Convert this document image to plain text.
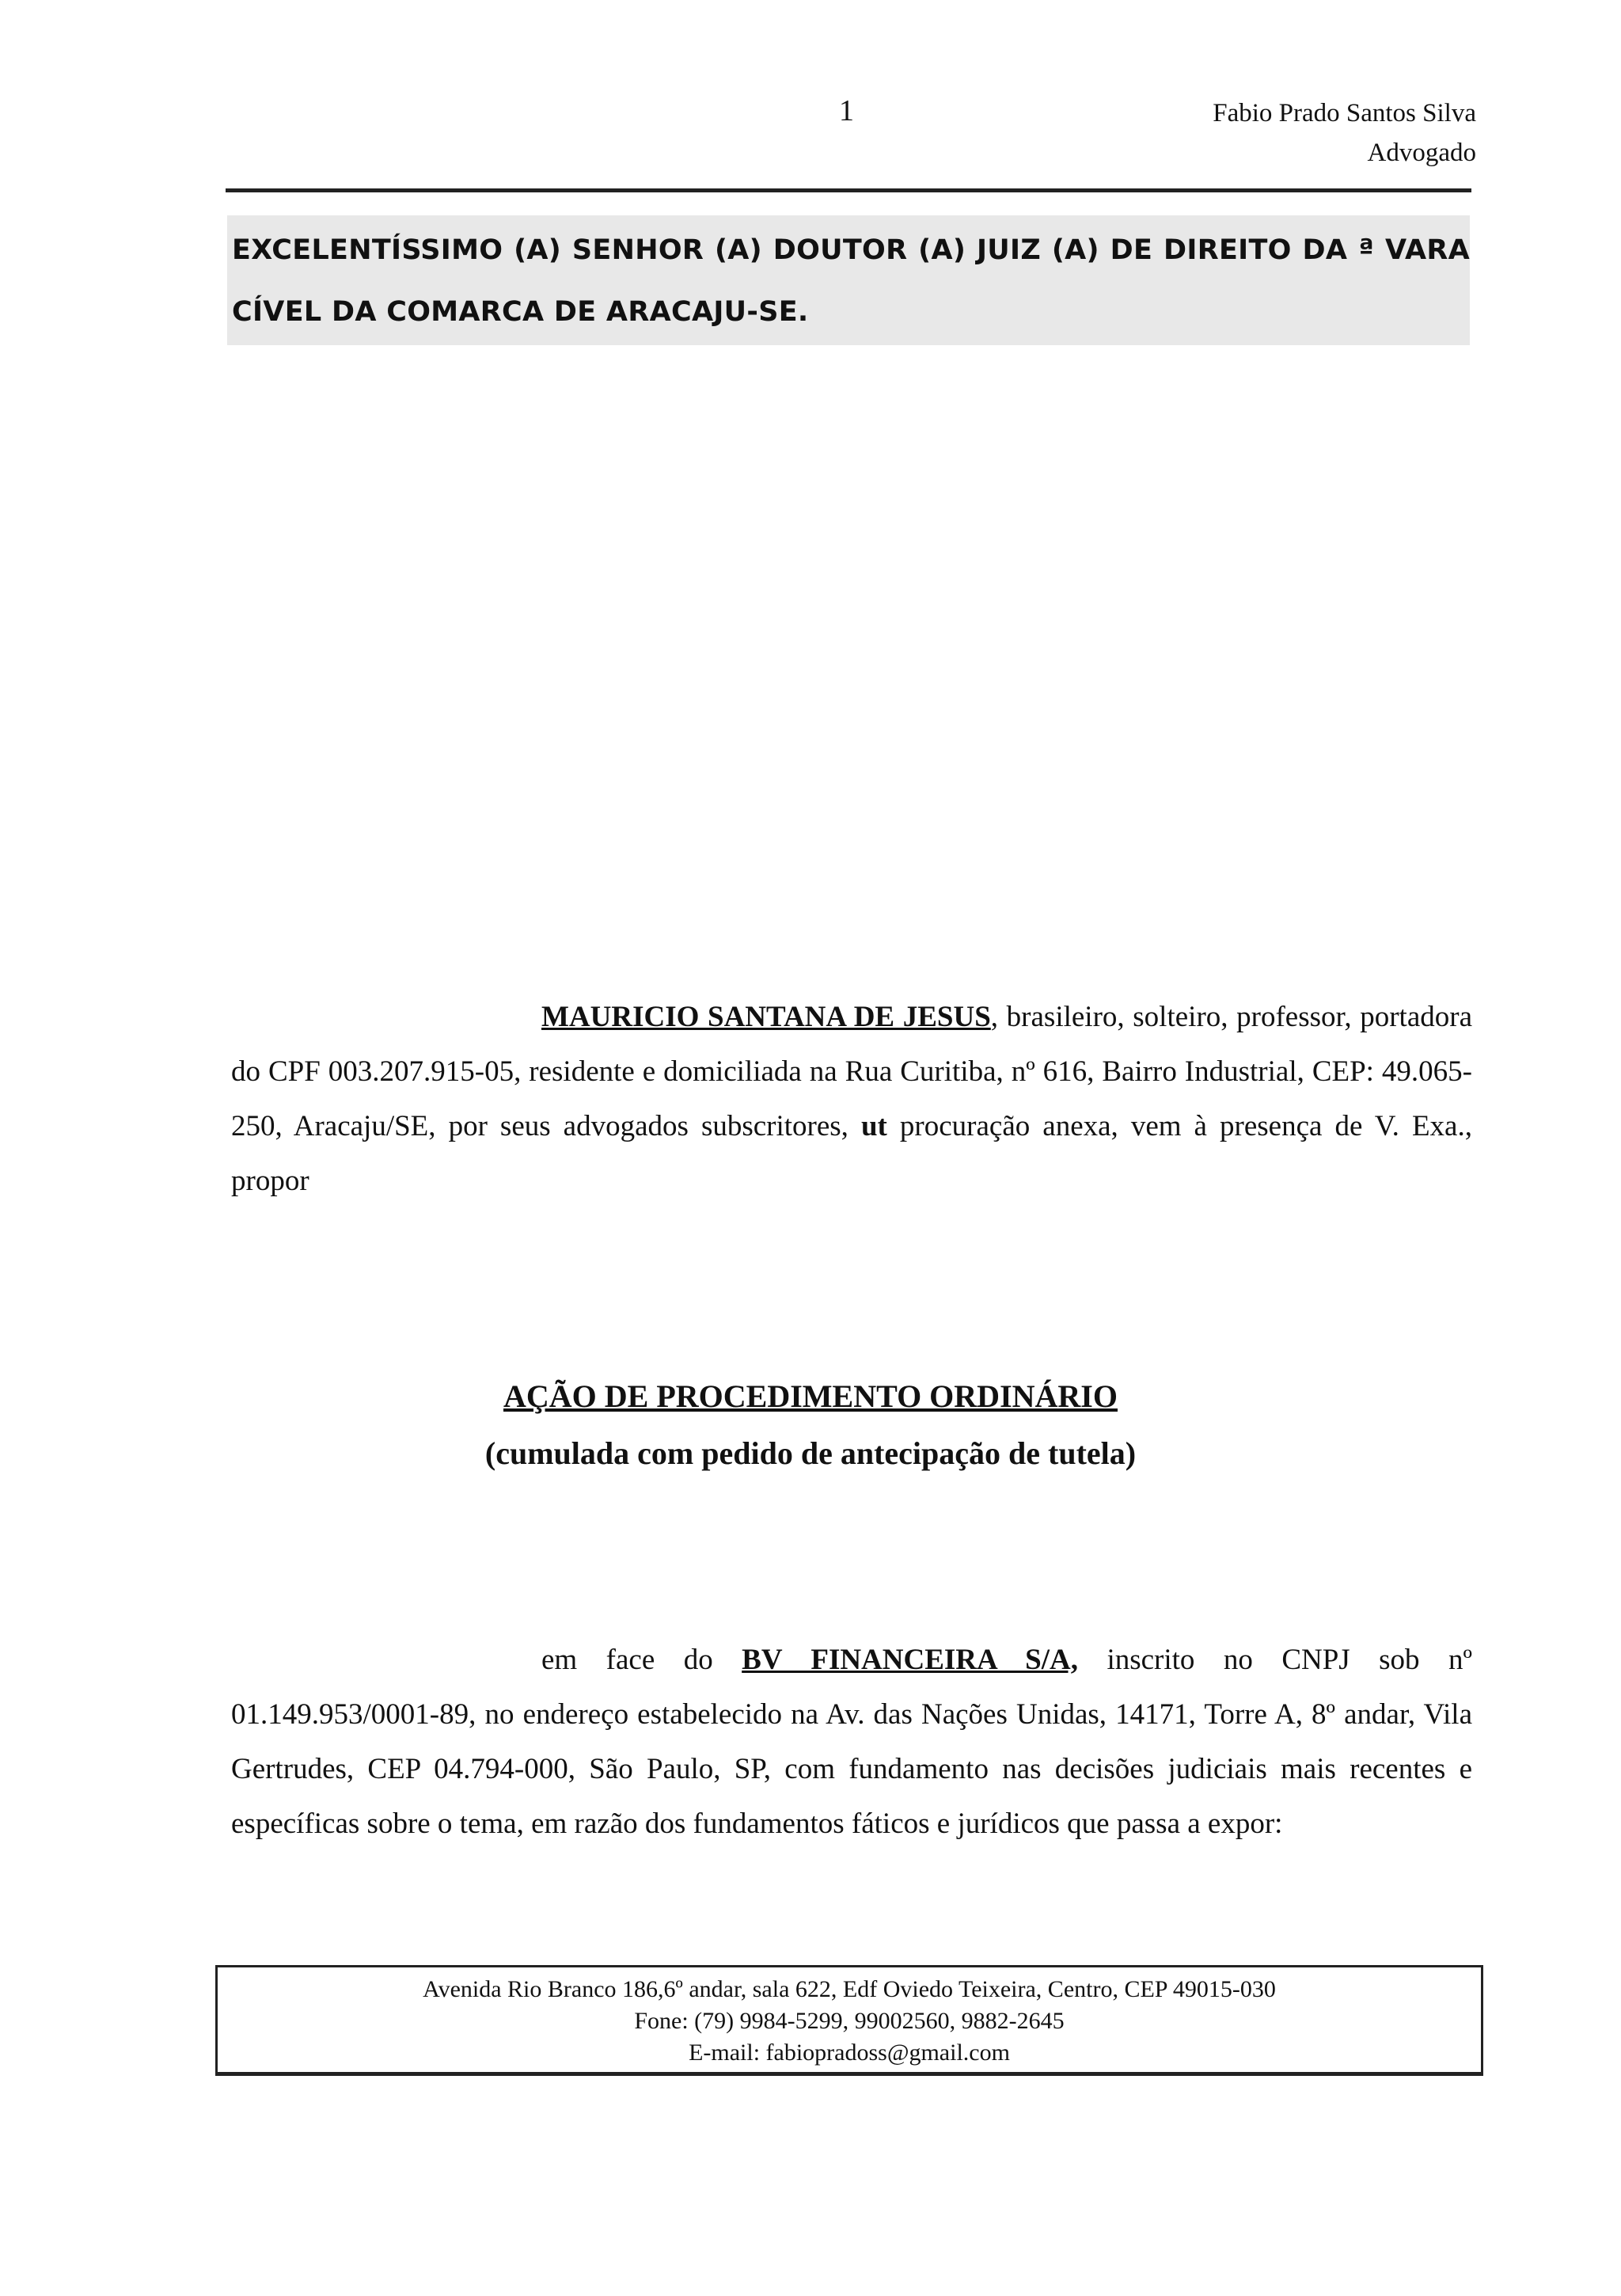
1	Fabio Prado Santos Silva
Advogado
EXCELENTÍSSIMO (A) SENHOR (A) DOUTOR (A) JUIZ (A) DE DIREITO DA ª VARA
CÍVEL DA COMARCA DE ARACAJU-SE.

MAURICIO SANTANA DE JESUS, brasileiro, solteiro, professor, portadora do CPF 003.207.915-05, residente e domiciliada na Rua Curitiba, nº 616, Bairro Industrial, CEP: 49.065-250, Aracaju/SE, por seus advogados subscritores, ut procuração anexa, vem à presença de V. Exa., propor

AÇÃO DE PROCEDIMENTO ORDINÁRIO
(cumulada com pedido de antecipação de tutela)

em face do BV FINANCEIRA S/A, inscrito no CNPJ sob nº 01.149.953/0001-89, no endereço estabelecido na Av. das Nações Unidas, 14171, Torre A, 8º andar, Vila Gertrudes, CEP 04.794-000, São Paulo, SP, com fundamento nas decisões judiciais mais recentes e específicas sobre o tema, em razão dos fundamentos fáticos e jurídicos que passa a expor:

Avenida Rio Branco 186,6º andar, sala 622, Edf Oviedo Teixeira, Centro, CEP 49015-030
Fone: (79) 9984-5299, 99002560, 9882-2645
E-mail: fabiopradoss@gmail.com
